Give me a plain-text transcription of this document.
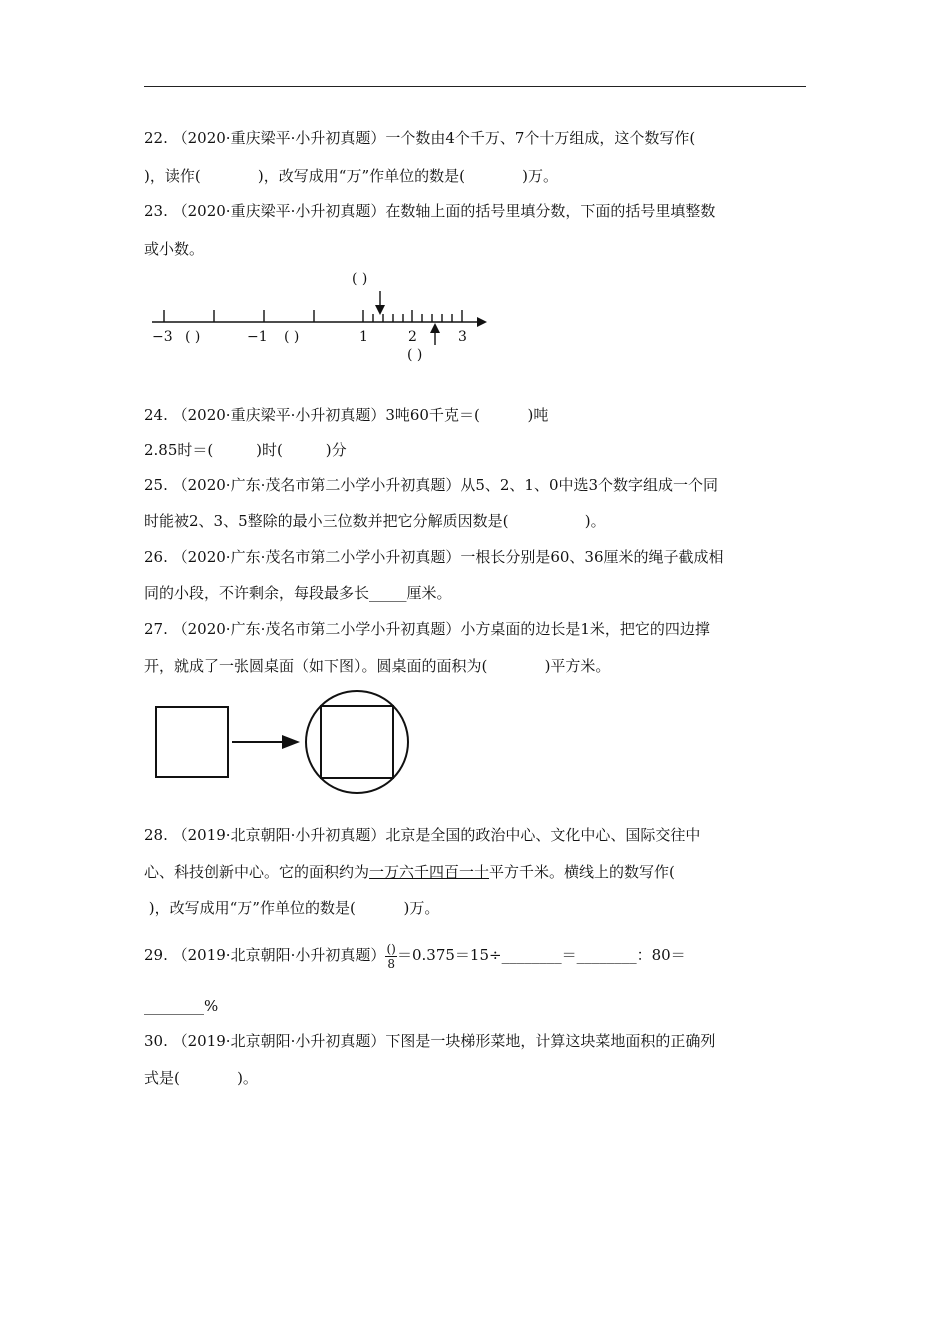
22. （2020·重庆梁平·小升初真题）一个数由4个千万、7个十万组成，这个数写作(
)，读作(            )，改写成用“万”作单位的数是(            )万。
23. （2020·重庆梁平·小升初真题）在数轴上面的括号里填分数，下面的括号里填整数
或小数。
( )
−3 ( )	−1 ( )	1	2	3
( )
24. （2020·重庆梁平·小升初真题）3吨60千克＝(          )吨
2.85时＝(         )时(         )分
25. （2020·广东·茂名市第二小学小升初真题）从5、2、1、0中选3个数字组成一个同
时能被2、3、5整除的最小三位数并把它分解质因数是(                )。
26. （2020·广东·茂名市第二小学小升初真题）一根长分别是60、36厘米的绳子截成相
同的小段，不许剩余，每段最多长_____厘米。
27. （2020·广东·茂名市第二小学小升初真题）小方桌面的边长是1米，把它的四边撑
开，就成了一张圆桌面（如下图）。圆桌面的面积为(            )平方米。
28. （2019·北京朝阳·小升初真题）北京是全国的政治中心、文化中心、国际交往中
心、科技创新中心。它的面积约为一万六千四百一十平方千米。横线上的数写作(
)，改写成用“万”作单位的数是(          )万。
29. （2019·北京朝阳·小升初真题） $\frac{()}{8}$ ＝0.375＝15÷________＝________：80＝
________%
30. （2019·北京朝阳·小升初真题）下图是一块梯形菜地，计算这块菜地面积的正确列
式是(            )。
